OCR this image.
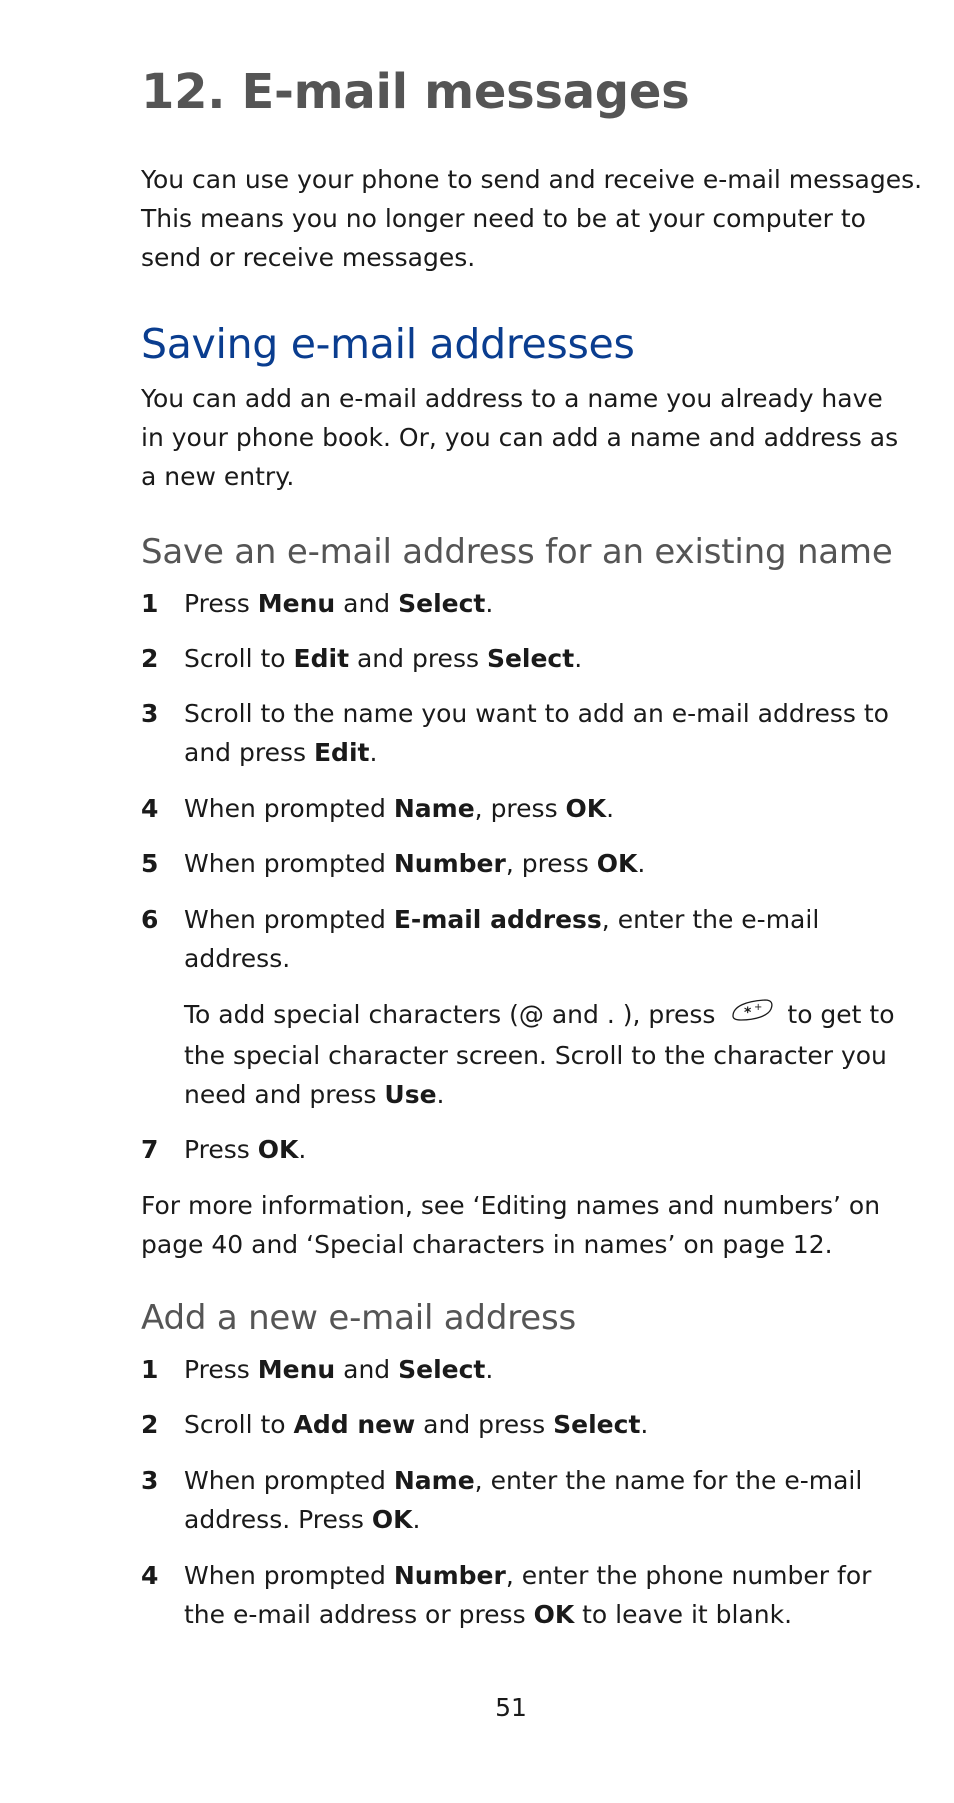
12. E-mail messages

You can use your phone to send and receive e-mail messages.
This means you no longer need to be at your computer to
send or receive messages.

Saving e-mail addresses

You can add an e-mail address to a name you already have
in your phone book. Or, you can add a name and address as
a new entry.

Save an e-mail address for an existing name
1 Press Menu and Select.
2 Scroll to Edit and press Select.
3 Scroll to the name you want to add an e-mail address to
and press Edit.
4 When prompted Name, press OK.
5 When prompted Number, press OK.
6 When prompted E-mail address, enter the e-mail
address.
To add special characters (@ and . ), press * + to get to
the special character screen. Scroll to the character you
need and press Use.
7 Press OK.

For more information, see ‘Editing names and numbers’ on
page 40 and ‘Special characters in names’ on page 12.

Add a new e-mail address
1 Press Menu and Select.
2 Scroll to Add new and press Select.
3 When prompted Name, enter the name for the e-mail
address. Press OK.
4 When prompted Number, enter the phone number for
the e-mail address or press OK to leave it blank.

51
